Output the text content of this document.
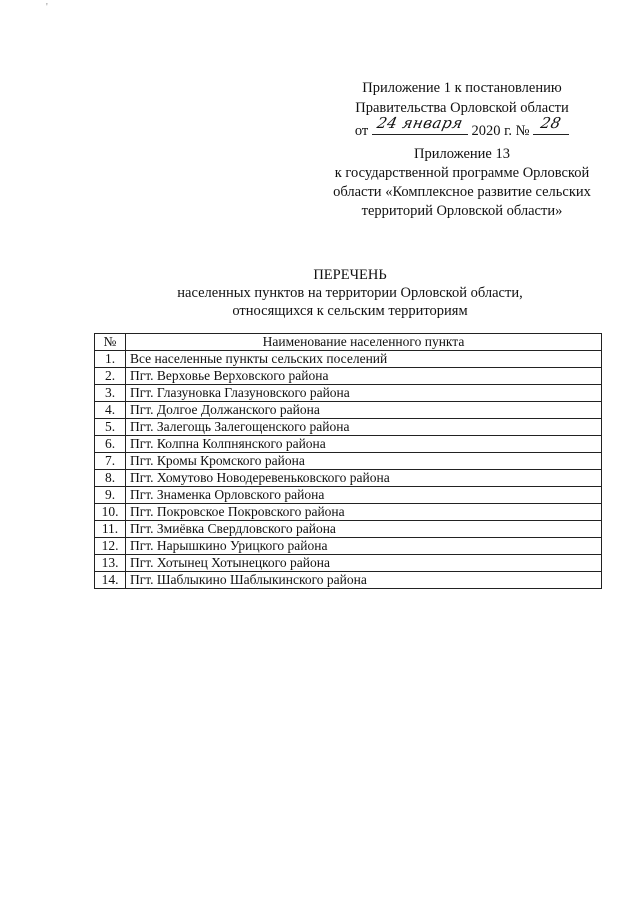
'
Приложение 1 к постановлению
Правительства Орловской области
от 24 января 2020 г. № 28
Приложение 13
к государственной программе Орловской
области «Комплексное развитие сельских
территорий Орловской области»
ПЕРЕЧЕНЬ
населенных пунктов на территории Орловской области,
относящихся к сельским территориям
№	Наименование населенного пункта
1.	Все населенные пункты сельских поселений
2.	Пгт. Верховье Верховского района
3.	Пгт. Глазуновка Глазуновского района
4.	Пгт. Долгое Должанского района
5.	Пгт. Залегощь Залегощенского района
6.	Пгт. Колпна Колпнянского района
7.	Пгт. Кромы Кромского района
8.	Пгт. Хомутово Новодеревеньковского района
9.	Пгт. Знаменка Орловского района
10.	Пгт. Покровское Покровского района
11.	Пгт. Змиёвка Свердловского района
12.	Пгт. Нарышкино Урицкого района
13.	Пгт. Хотынец Хотынецкого района
14.	Пгт. Шаблыкино Шаблыкинского района
